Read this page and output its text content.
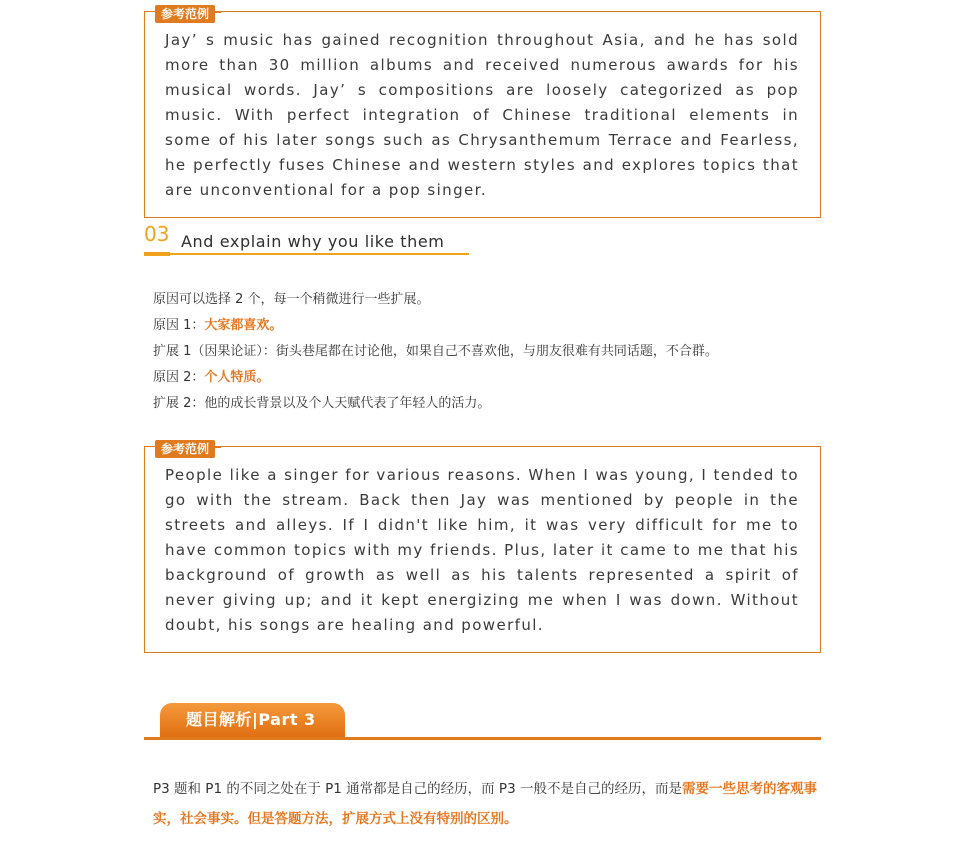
参考范例

Jay’ s music has gained recognition throughout Asia, and he has sold more than 30 million albums and received numerous awards for his musical words. Jay’ s compositions are loosely categorized as pop music. With perfect integration of Chinese traditional elements in some of his later songs such as Chrysanthemum Terrace and Fearless, he perfectly fuses Chinese and western styles and explores topics that are unconventional for a pop singer.

03 And explain why you like them
原因可以选择 2 个，每一个稍微进行一些扩展。
原因 1：大家都喜欢。
扩展 1（因果论证）：街头巷尾都在讨论他，如果自己不喜欢他，与朋友很难有共同话题，不合群。
原因 2：个人特质。
扩展 2：他的成长背景以及个人天赋代表了年轻人的活力。
参考范例

People like a singer for various reasons. When I was young, I tended to go with the stream. Back then Jay was mentioned by people in the streets and alleys. If I didn't like him, it was very difficult for me to have common topics with my friends. Plus, later it came to me that his background of growth as well as his talents represented a spirit of never giving up; and it kept energizing me when I was down. Without doubt, his songs are healing and powerful.

题目解析|Part 3

P3 题和 P1 的不同之处在于 P1 通常都是自己的经历，而 P3 一般不是自己的经历，而是需要一些思考的客观事实，社会事实。但是答题方法，扩展方式上没有特别的区别。
